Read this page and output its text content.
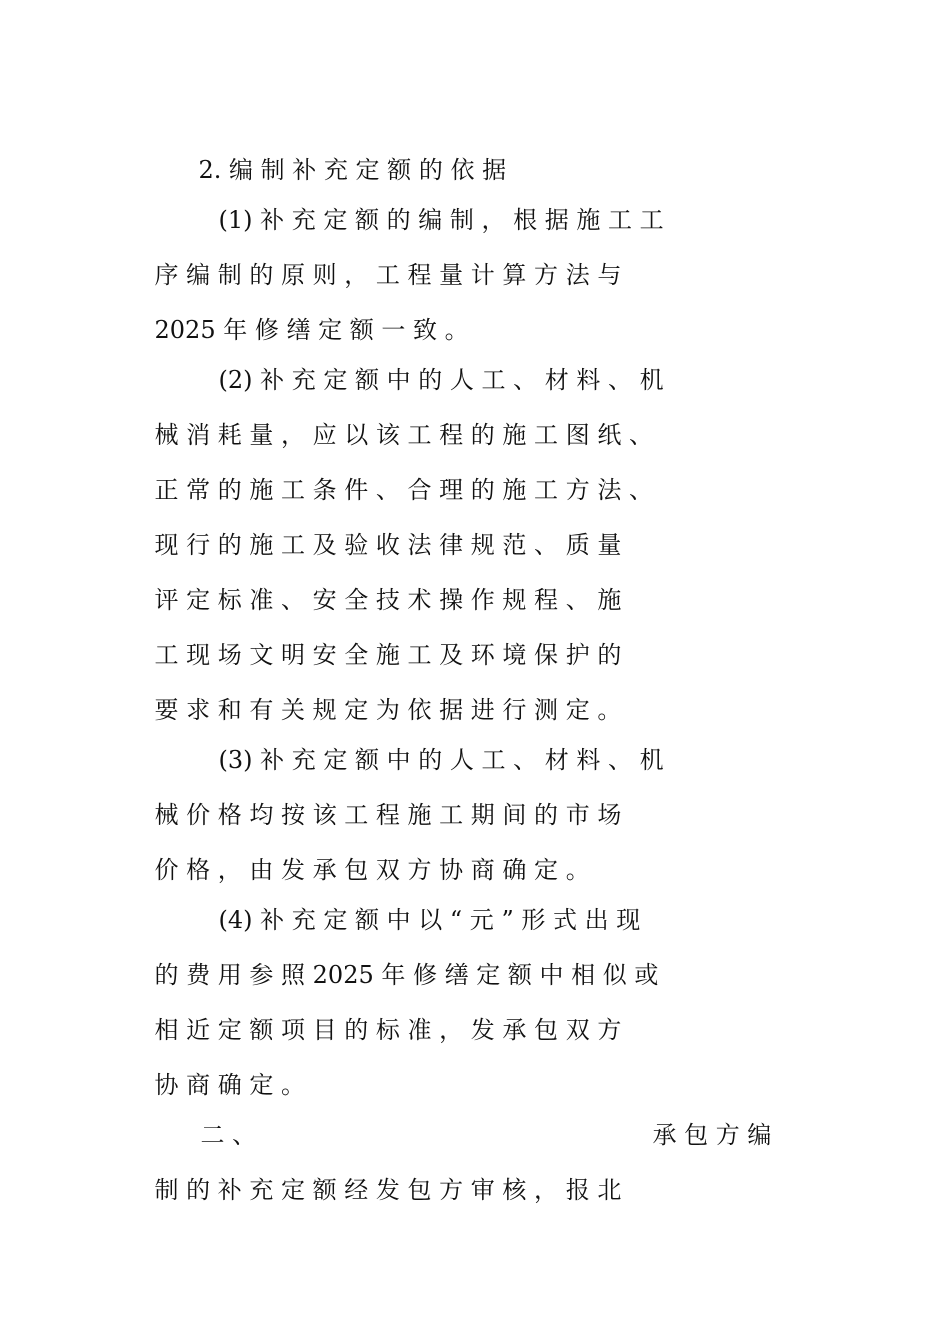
2. 编 制 补 充 定 额 的 依 据

(1) 补 充 定 额 的 编 制 ， 根 据 施 工 工

序 编 制 的 原 则 ， 工 程 量 计 算 方 法 与

2025 年 修 缮 定 额 一 致 。

(2) 补 充 定 额 中 的 人 工 、 材 料 、 机

械 消 耗 量 ， 应 以 该 工 程 的 施 工 图 纸 、

正 常 的 施 工 条 件 、 合 理 的 施 工 方 法 、

现 行 的 施 工 及 验 收 法 律 规 范 、 质 量

评 定 标 准 、 安 全 技 术 操 作 规 程 、 施

工 现 场 文 明 安 全 施 工 及 环 境 保 护 的

要 求 和 有 关 规 定 为 依 据 进 行 测 定 。

(3) 补 充 定 额 中 的 人 工 、 材 料 、 机

械 价 格 均 按 该 工 程 施 工 期 间 的 市 场

价 格 ， 由 发 承 包 双 方 协 商 确 定 。

(4) 补 充 定 额 中 以 “ 元 ” 形 式 出 现

的 费 用 参 照 2025 年 修 缮 定 额 中 相 似 或

相 近 定 额 项 目 的 标 准 ， 发 承 包 双 方

协 商 确 定 。

二 、
	承 包 方 编

制 的 补 充 定 额 经 发 包 方 审 核 ， 报 北
